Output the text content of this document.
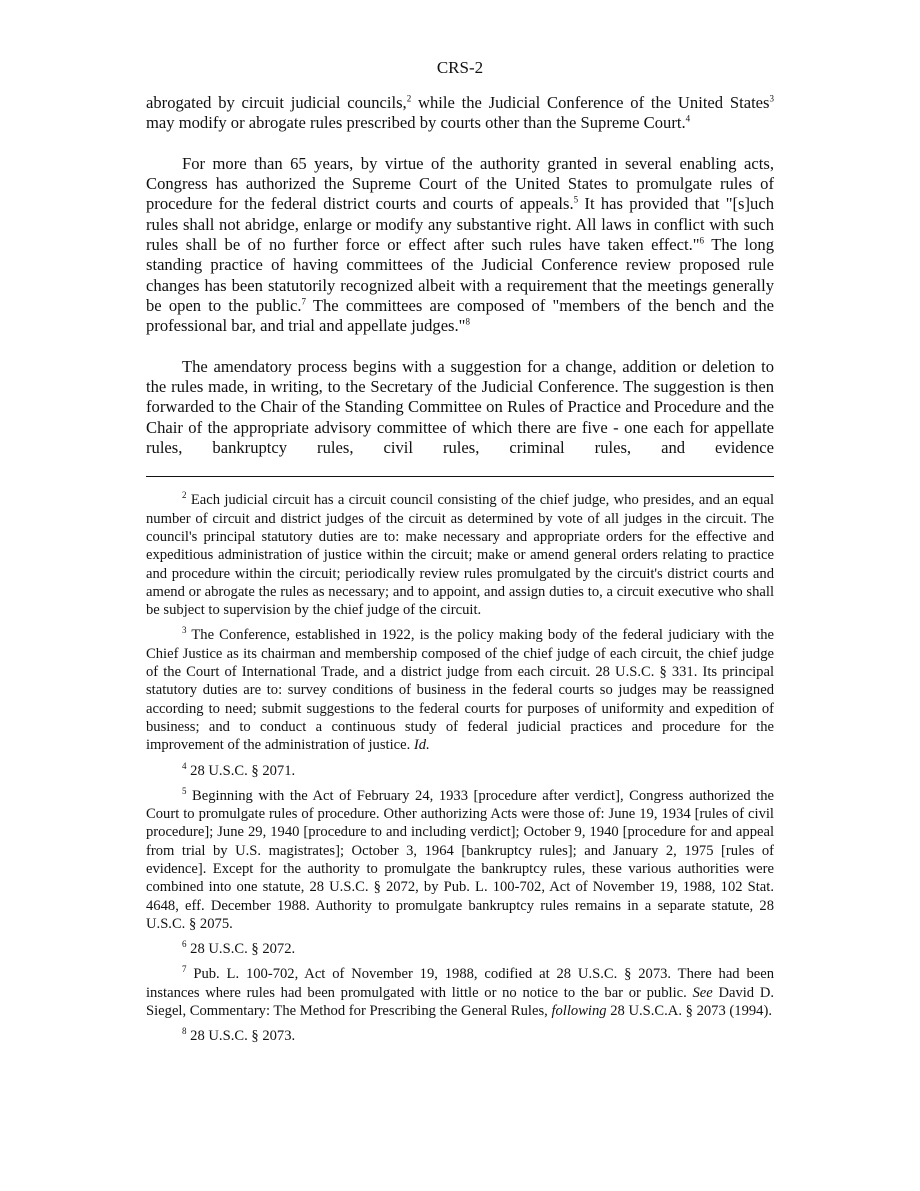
CRS-2

abrogated by circuit judicial councils,$^2$ while the Judicial Conference of the United States$^3$ may modify or abrogate rules prescribed by courts other than the Supreme Court.$^4$

For more than 65 years, by virtue of the authority granted in several enabling acts, Congress has authorized the Supreme Court of the United States to promulgate rules of procedure for the federal district courts and courts of appeals.$^5$ It has provided that "[s]uch rules shall not abridge, enlarge or modify any substantive right. All laws in conflict with such rules shall be of no further force or effect after such rules have taken effect."$^6$ The long standing practice of having committees of the Judicial Conference review proposed rule changes has been statutorily recognized albeit with a requirement that the meetings generally be open to the public.$^7$ The committees are composed of "members of the bench and the professional bar, and trial and appellate judges."$^8$

The amendatory process begins with a suggestion for a change, addition or deletion to the rules made, in writing, to the Secretary of the Judicial Conference. The suggestion is then forwarded to the Chair of the Standing Committee on Rules of Practice and Procedure and the Chair of the appropriate advisory committee of which there are five - one each for appellate rules, bankruptcy rules, civil rules, criminal rules, and evidence

$^2$ Each judicial circuit has a circuit council consisting of the chief judge, who presides, and an equal number of circuit and district judges of the circuit as determined by vote of all judges in the circuit. The council's principal statutory duties are to: make necessary and appropriate orders for the effective and expeditious administration of justice within the circuit; make or amend general orders relating to practice and procedure within the circuit; periodically review rules promulgated by the circuit's district courts and amend or abrogate the rules as necessary; and to appoint, and assign duties to, a circuit executive who shall be subject to supervision by the chief judge of the circuit.

$^3$ The Conference, established in 1922, is the policy making body of the federal judiciary with the Chief Justice as its chairman and membership composed of the chief judge of each circuit, the chief judge of the Court of International Trade, and a district judge from each circuit. 28 U.S.C. § 331. Its principal statutory duties are to: survey conditions of business in the federal courts so judges may be reassigned according to need; submit suggestions to the federal courts for purposes of uniformity and expedition of business; and to conduct a continuous study of federal judicial practices and procedure for the improvement of the administration of justice. Id.

$^4$ 28 U.S.C. § 2071.

$^5$ Beginning with the Act of February 24, 1933 [procedure after verdict], Congress authorized the Court to promulgate rules of procedure. Other authorizing Acts were those of: June 19, 1934 [rules of civil procedure]; June 29, 1940 [procedure to and including verdict]; October 9, 1940 [procedure for and appeal from trial by U.S. magistrates]; October 3, 1964 [bankruptcy rules]; and January 2, 1975 [rules of evidence]. Except for the authority to promulgate the bankruptcy rules, these various authorities were combined into one statute, 28 U.S.C. § 2072, by Pub. L. 100-702, Act of November 19, 1988, 102 Stat. 4648, eff. December 1988. Authority to promulgate bankruptcy rules remains in a separate statute, 28 U.S.C. § 2075.

$^6$ 28 U.S.C. § 2072.

$^7$ Pub. L. 100-702, Act of November 19, 1988, codified at 28 U.S.C. § 2073. There had been instances where rules had been promulgated with little or no notice to the bar or public. See David D. Siegel, Commentary: The Method for Prescribing the General Rules, following 28 U.S.C.A. § 2073 (1994).

$^8$ 28 U.S.C. § 2073.
